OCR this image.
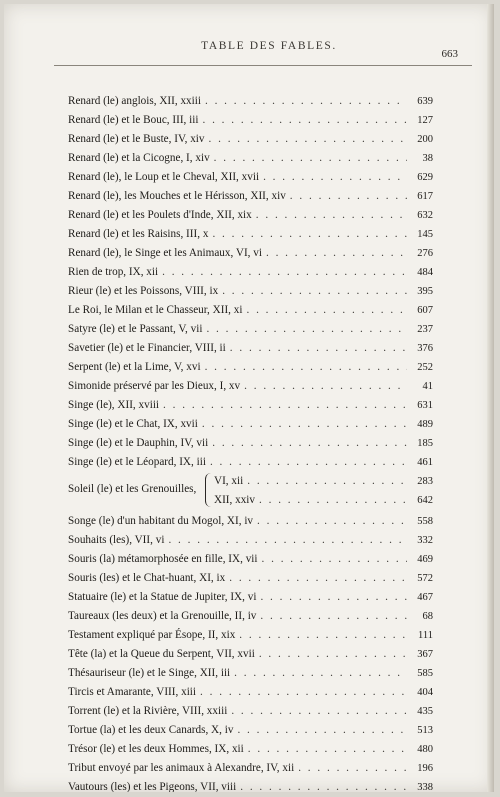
TABLE DES FABLES.
663
Renard (le) anglois, XII, xxiii . . .	639
Renard (le) et le Bouc, III, iii . . .	127
Renard (le) et le Buste, IV, xiv . . .	200
Renard (le) et la Cicogne, I, xiv . . .	38
Renard (le), le Loup et le Cheval, XII, xvii . . .	629
Renard (le), les Mouches et le Hérisson, XII, xiv . . .	617
Renard (le) et les Poulets d'Inde, XII, xix . . .	632
Renard (le) et les Raisins, III, x . . .	145
Renard (le), le Singe et les Animaux, VI, vi . . .	276
Rien de trop, IX, xii . . .	484
Rieur (le) et les Poissons, VIII, ix . . .	395
Le Roi, le Milan et le Chasseur, XII, xi . . .	607
Satyre (le) et le Passant, V, vii . . .	237
Savetier (le) et le Financier, VIII, ii . . .	376
Serpent (le) et la Lime, V, xvi . . .	252
Simonide préservé par les Dieux, I, xv . . .	41
Singe (le), XII, xviii . . .	631
Singe (le) et le Chat, IX, xvii . . .	489
Singe (le) et le Dauphin, IV, vii . . .	185
Singe (le) et le Léopard, IX, iii . . .	461
Soleil (le) et les Grenouilles,
VI, xii . . .	283
XII, xxiv . . .	642
Songe (le) d'un habitant du Mogol, XI, iv . . .	558
Souhaits (les), VII, vi . . .	332
Souris (la) métamorphosée en fille, IX, vii . . .	469
Souris (les) et le Chat-huant, XI, ix . . .	572
Statuaire (le) et la Statue de Jupiter, IX, vi . . .	467
Taureaux (les deux) et la Grenouille, II, iv . . .	68
Testament expliqué par Ésope, II, xix . . .	111
Tête (la) et la Queue du Serpent, VII, xvii . . .	367
Thésauriseur (le) et le Singe, XII, iii . . .	585
Tircis et Amarante, VIII, xiii . . .	404
Torrent (le) et la Rivière, VIII, xxiii . . .	435
Tortue (la) et les deux Canards, X, iv . . .	513
Trésor (le) et les deux Hommes, IX, xii . . .	480
Tribut envoyé par les animaux à Alexandre, IV, xii . . .	196
Vautours (les) et les Pigeons, VII, viii . . .	338
